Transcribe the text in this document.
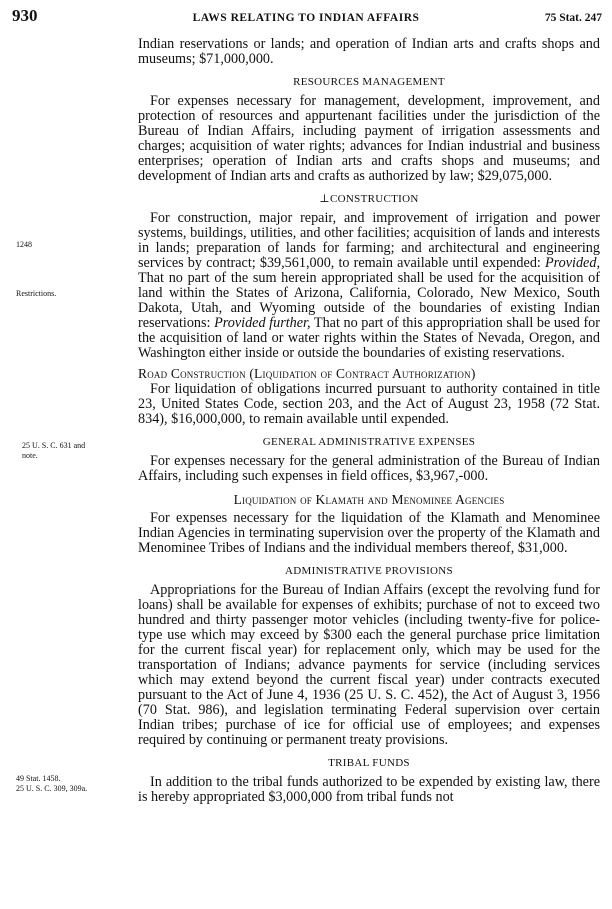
930	LAWS RELATING TO INDIAN AFFAIRS	75 Stat. 247
1248
Restrictions.
25 U. S. C. 631 and
note.
49 Stat. 1458.
25 U. S. C. 309, 309a.

Indian reservations or lands; and operation of Indian arts and crafts shops and museums; $71,000,000.

RESOURCES MANAGEMENT

For expenses necessary for management, development, improvement, and protection of resources and appurtenant facilities under the jurisdiction of the Bureau of Indian Affairs, including payment of irrigation assessments and charges; acquisition of water rights; advances for Indian industrial and business enterprises; operation of Indian arts and crafts shops and museums; and development of Indian arts and crafts as authorized by law; $29,075,000.

⊥CONSTRUCTION

For construction, major repair, and improvement of irrigation and power systems, buildings, utilities, and other facilities; acquisition of lands and interests in lands; preparation of lands for farming; and architectural and engineering services by contract; $39,561,000, to remain available until expended: Provided, That no part of the sum herein appropriated shall be used for the acquisition of land within the States of Arizona, California, Colorado, New Mexico, South Dakota, Utah, and Wyoming outside of the boundaries of existing Indian reservations: Provided further, That no part of this appropriation shall be used for the acquisition of land or water rights within the States of Nevada, Oregon, and Washington either inside or outside the boundaries of existing reservations.

Road Construction (Liquidation of Contract Authorization)

For liquidation of obligations incurred pursuant to authority contained in title 23, United States Code, section 203, and the Act of August 23, 1958 (72 Stat. 834), $16,000,000, to remain available until expended.

GENERAL ADMINISTRATIVE EXPENSES

For expenses necessary for the general administration of the Bureau of Indian Affairs, including such expenses in field offices, $3,967,-000.

Liquidation of Klamath and Menominee Agencies

For expenses necessary for the liquidation of the Klamath and Menominee Indian Agencies in terminating supervision over the property of the Klamath and Menominee Tribes of Indians and the individual members thereof, $31,000.

ADMINISTRATIVE PROVISIONS

Appropriations for the Bureau of Indian Affairs (except the revolving fund for loans) shall be available for expenses of exhibits; purchase of not to exceed two hundred and thirty passenger motor vehicles (including twenty-five for police-type use which may exceed by $300 each the general purchase price limitation for the current fiscal year) for replacement only, which may be used for the transportation of Indians; advance payments for service (including services which may extend beyond the current fiscal year) under contracts executed pursuant to the Act of June 4, 1936 (25 U. S. C. 452), the Act of August 3, 1956 (70 Stat. 986), and legislation terminating Federal supervision over certain Indian tribes; purchase of ice for official use of employees; and expenses required by continuing or permanent treaty provisions.

TRIBAL FUNDS

In addition to the tribal funds authorized to be expended by existing law, there is hereby appropriated $3,000,000 from tribal funds not
